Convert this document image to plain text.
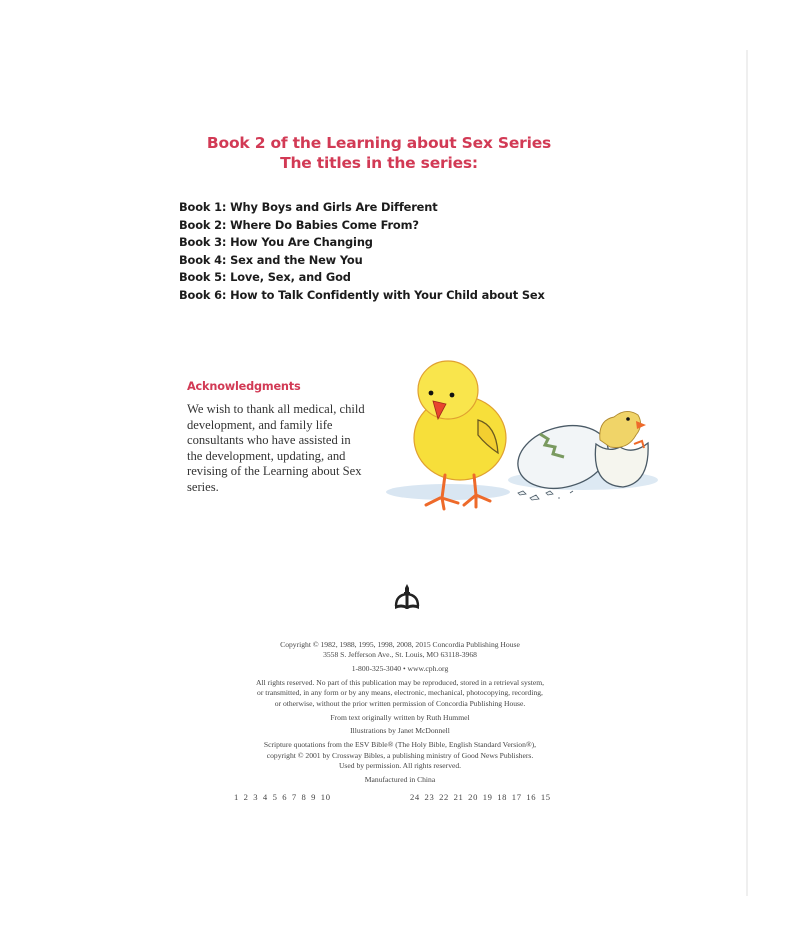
Book 2 of the Learning about Sex Series
The titles in the series:
Book 1: Why Boys and Girls Are Different
Book 2: Where Do Babies Come From?
Book 3: How You Are Changing
Book 4: Sex and the New You
Book 5: Love, Sex, and God
Book 6: How to Talk Confidently with Your Child about Sex
Acknowledgments
We wish to thank all medical, child development, and family life consultants who have assisted in the development, updating, and revising of the Learning about Sex series.

Copyright © 1982, 1988, 1995, 1998, 2008, 2015 Concordia Publishing House

3558 S. Jefferson Ave., St. Louis, MO 63118-3968

1-800-325-3040 • www.cph.org

All rights reserved. No part of this publication may be reproduced, stored in a retrieval system,

or transmitted, in any form or by any means, electronic, mechanical, photocopying, recording,

or otherwise, without the prior written permission of Concordia Publishing House.

From text originally written by Ruth Hummel

Illustrations by Janet McDonnell

Scripture quotations from the ESV Bible® (The Holy Bible, English Standard Version®),

copyright © 2001 by Crossway Bibles, a publishing ministry of Good News Publishers.

Used by permission. All rights reserved.

Manufactured in China

1 2 3 4 5 6 7 8 9 10	24 23 22 21 20 19 18 17 16 15
